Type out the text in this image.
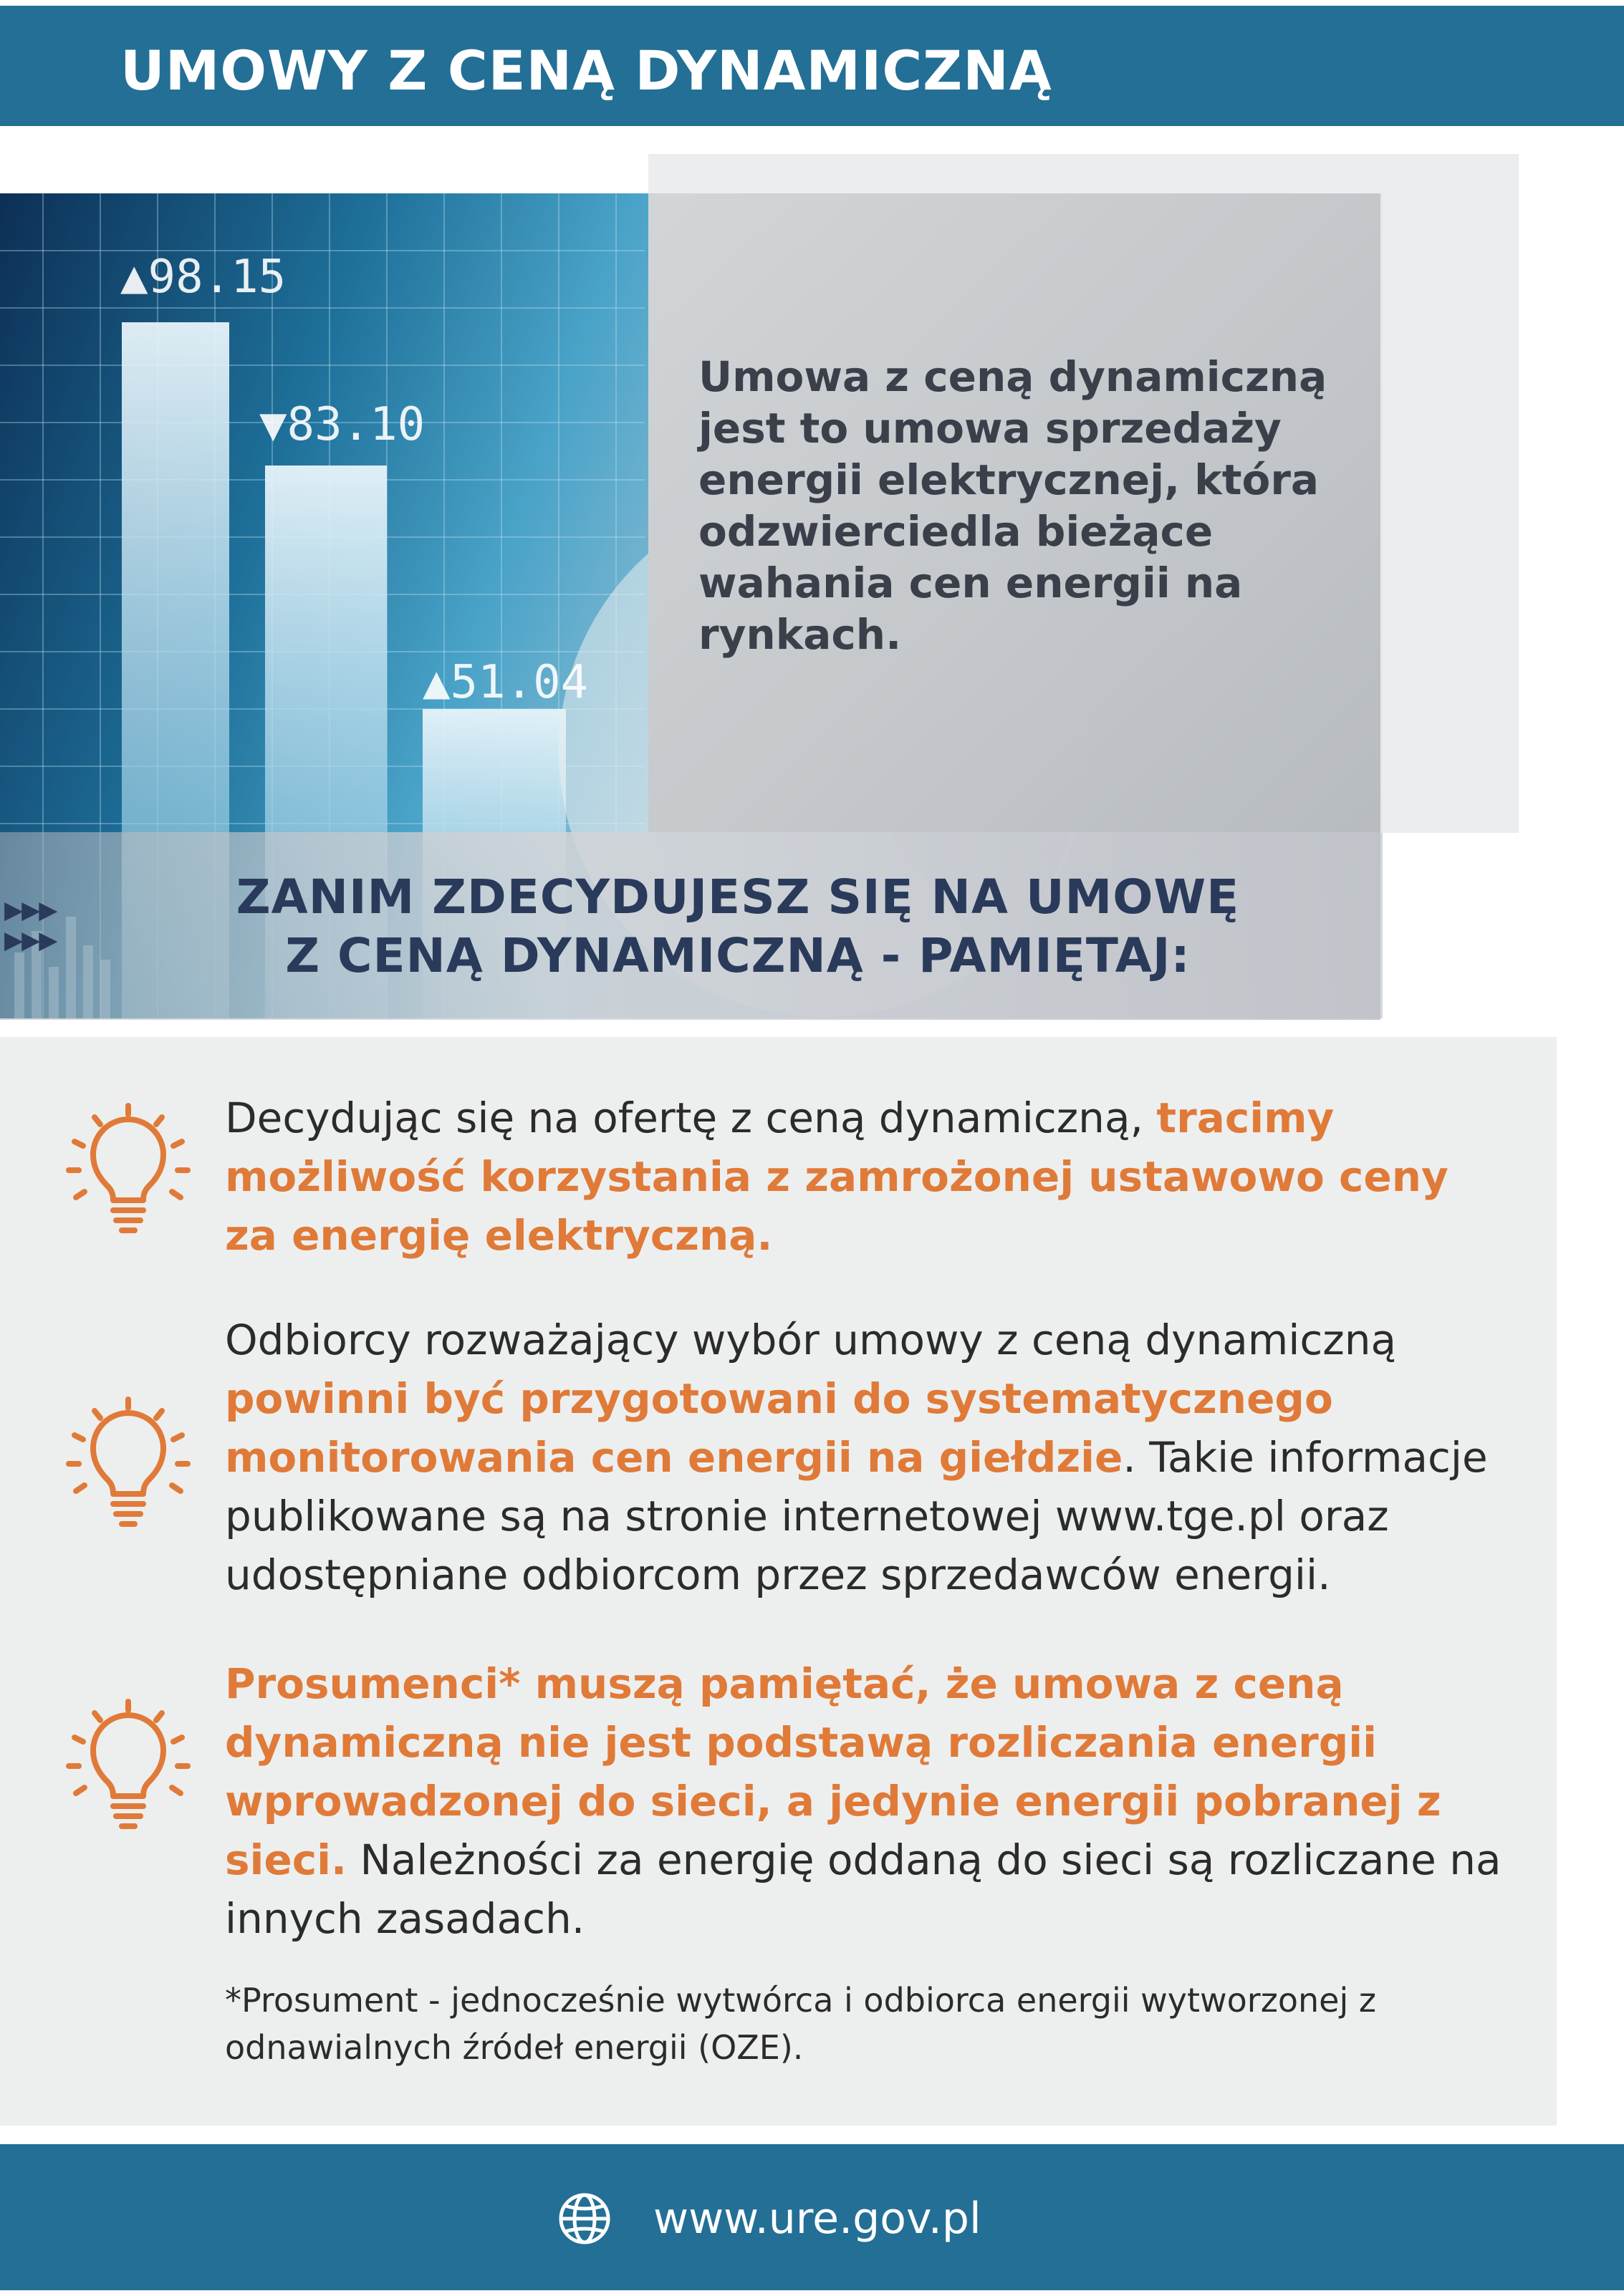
UMOWY Z CENĄ DYNAMICZNĄ
▲98.15
▼83.10
▲51.04

Umowa z ceną dynamiczną jest to umowa sprzedaży energii elektrycznej, która odzwierciedla bieżące wahania cen energii na rynkach.

▶▶▶
▶▶▶
ZANIM ZDECYDUJESZ SIĘ NA UMOWĘ
Z CENĄ DYNAMICZNĄ - PAMIĘTAJ:

Decydując się na ofertę z ceną dynamiczną, tracimy możliwość korzystania z zamrożonej ustawowo ceny za energię elektryczną.

Odbiorcy rozważający wybór umowy z ceną dynamiczną powinni być przygotowani do systematycznego monitorowania cen energii na giełdzie. Takie informacje publikowane są na stronie internetowej www.tge.pl oraz udostępniane odbiorcom przez sprzedawców energii.

Prosumenci* muszą pamiętać, że umowa z ceną dynamiczną nie jest podstawą rozliczania energii wprowadzonej do sieci, a jedynie energii pobranej z sieci. Należności za energię oddaną do sieci są rozliczane na innych zasadach.

*Prosument - jednocześnie wytwórca i odbiorca energii wytworzonej z odnawialnych źródeł energii (OZE).

www.ure.gov.pl
